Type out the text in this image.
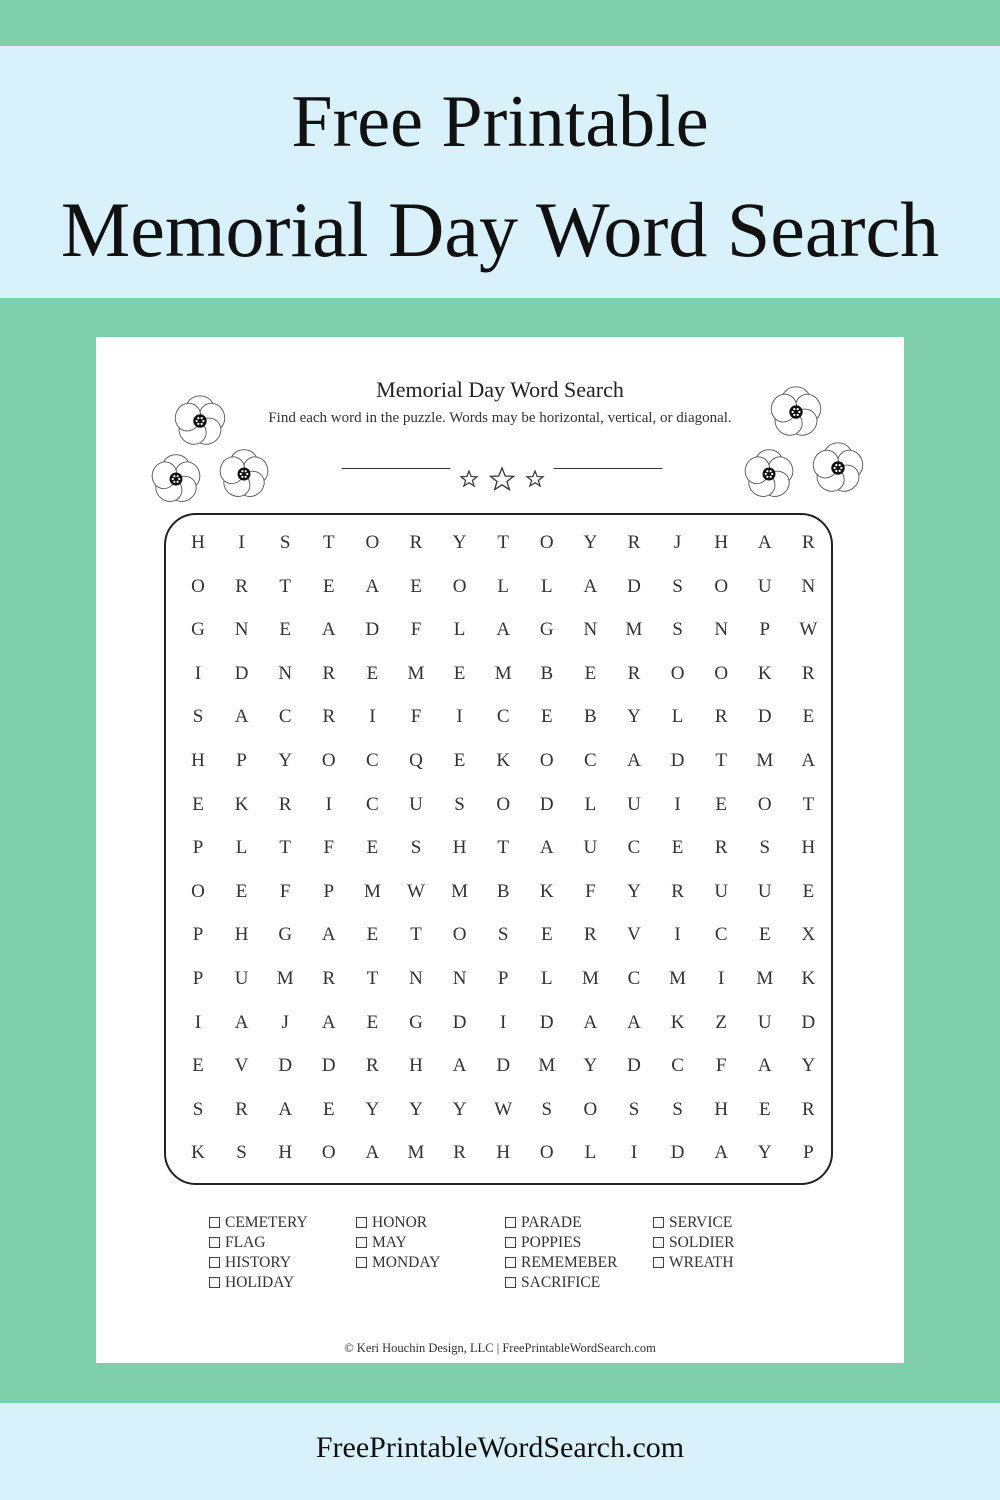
Free Printable
Memorial Day Word Search
Memorial Day Word Search
Find each word in the puzzle. Words may be horizontal, vertical, or diagonal.
H	I	S	T	O	R	Y	T	O	Y	R	J	H	A	R
O	R	T	E	A	E	O	L	L	A	D	S	O	U	N
G	N	E	A	D	F	L	A	G	N	M	S	N	P	W
I	D	N	R	E	M	E	M	B	E	R	O	O	K	R
S	A	C	R	I	F	I	C	E	B	Y	L	R	D	E
H	P	Y	O	C	Q	E	K	O	C	A	D	T	M	A
E	K	R	I	C	U	S	O	D	L	U	I	E	O	T
P	L	T	F	E	S	H	T	A	U	C	E	R	S	H
O	E	F	P	M	W	M	B	K	F	Y	R	U	U	E
P	H	G	A	E	T	O	S	E	R	V	I	C	E	X
P	U	M	R	T	N	N	P	L	M	C	M	I	M	K
I	A	J	A	E	G	D	I	D	A	A	K	Z	U	D
E	V	D	D	R	H	A	D	M	Y	D	C	F	A	Y
S	R	A	E	Y	Y	Y	W	S	O	S	S	H	E	R
K	S	H	O	A	M	R	H	O	L	I	D	A	Y	P
CEMETERY
FLAG
HISTORY
HOLIDAY
HONOR
MAY
MONDAY
PARADE
POPPIES
REMEMEBER
SACRIFICE
SERVICE
SOLDIER
WREATH
© Keri Houchin Design, LLC | FreePrintableWordSearch.com
FreePrintableWordSearch.com
